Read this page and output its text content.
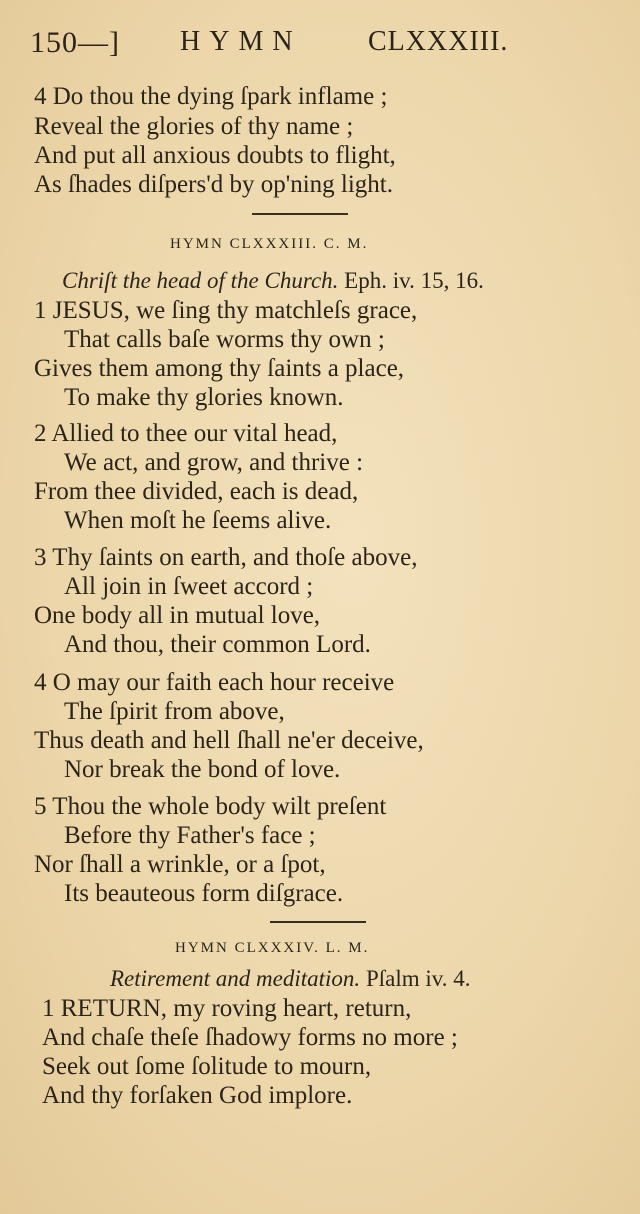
150—] HYMN CLXXXIII.
4 Do thou the dying ſpark inflame ;
Reveal the glories of thy name ;
And put all anxious doubts to flight,
As ſhades diſpers'd by op'ning light.
HYMN CLXXXIII. C. M.
Chriſt the head of the Church. Eph. iv. 15, 16.
1 JESUS, we ſing thy matchleſs grace,
That calls baſe worms thy own ;
Gives them among thy ſaints a place,
To make thy glories known.
2 Allied to thee our vital head,
We act, and grow, and thrive :
From thee divided, each is dead,
When moſt he ſeems alive.
3 Thy ſaints on earth, and thoſe above,
All join in ſweet accord ;
One body all in mutual love,
And thou, their common Lord.
4 O may our faith each hour receive
The ſpirit from above,
Thus death and hell ſhall ne'er deceive,
Nor break the bond of love.
5 Thou the whole body wilt preſent
Before thy Father's face ;
Nor ſhall a wrinkle, or a ſpot,
Its beauteous form diſgrace.
HYMN CLXXXIV. L. M.
Retirement and meditation. Pſalm iv. 4.
1 RETURN, my roving heart, return,
And chaſe theſe ſhadowy forms no more ;
Seek out ſome ſolitude to mourn,
And thy forſaken God implore.
